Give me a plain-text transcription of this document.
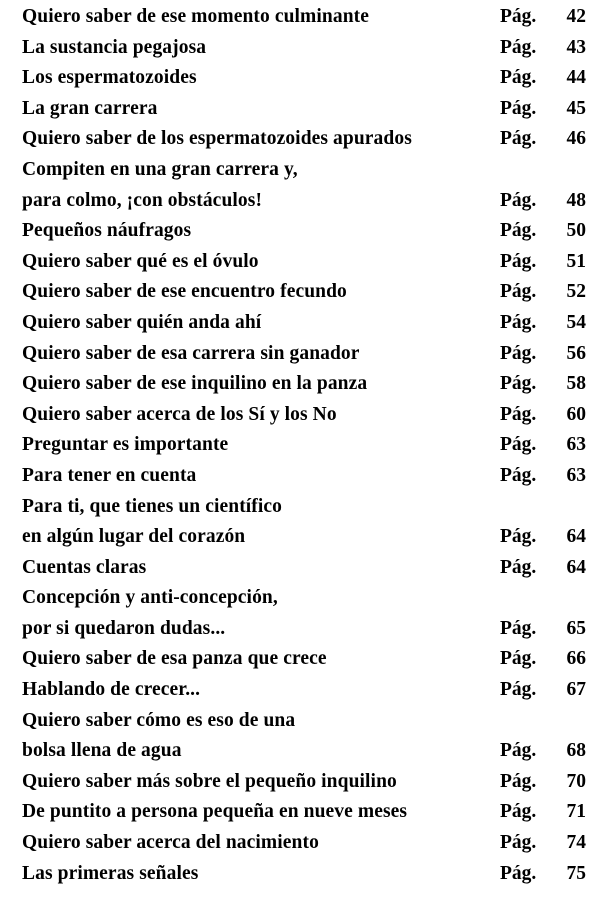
Quiero saber de ese momento culminante	Pág.	42
La sustancia pegajosa	Pág.	43
Los espermatozoides	Pág.	44
La gran carrera	Pág.	45
Quiero saber de los espermatozoides apurados	Pág.	46
Compiten en una gran carrera y,
para colmo, ¡con obstáculos!	Pág.	48
Pequeños náufragos	Pág.	50
Quiero saber qué es el óvulo	Pág.	51
Quiero saber de ese encuentro fecundo	Pág.	52
Quiero saber quién anda ahí	Pág.	54
Quiero saber de esa carrera sin ganador	Pág.	56
Quiero saber de ese inquilino en la panza	Pág.	58
Quiero saber acerca de los Sí y los No	Pág.	60
Preguntar es importante	Pág.	63
Para tener en cuenta	Pág.	63
Para ti, que tienes un científico
en algún lugar del corazón	Pág.	64
Cuentas claras	Pág.	64
Concepción y anti-concepción,
por si quedaron dudas...	Pág.	65
Quiero saber de esa panza que crece	Pág.	66
Hablando de crecer...	Pág.	67
Quiero saber cómo es eso de una
bolsa llena de agua	Pág.	68
Quiero saber más sobre el pequeño inquilino	Pág.	70
De puntito a persona pequeña en nueve meses	Pág.	71
Quiero saber acerca del nacimiento	Pág.	74
Las primeras señales	Pág.	75
